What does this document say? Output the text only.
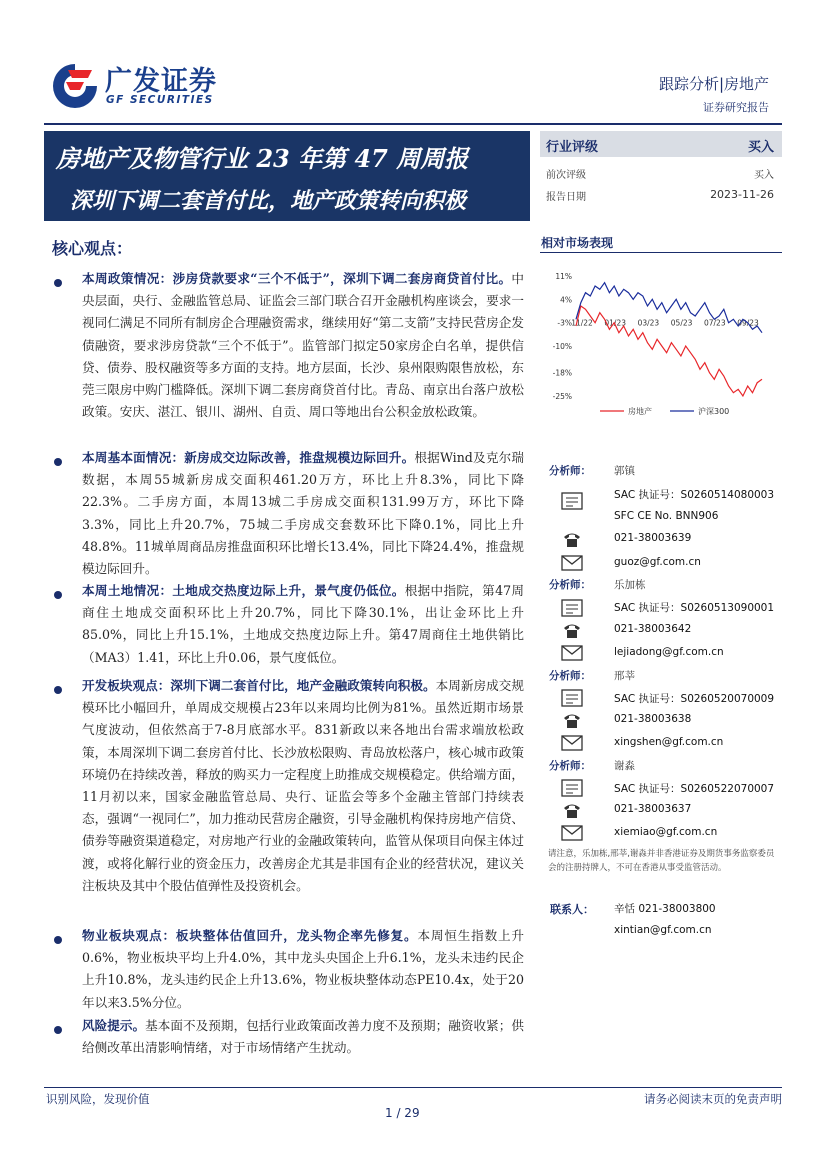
广发证券
GF SECURITIES
跟踪分析|房地产
证券研究报告
房地产及物管行业 23 年第 47 周周报
深圳下调二套首付比，地产政策转向积极
行业评级	买入
前次评级	买入
报告日期	2023-11-26
核心观点：
本周政策情况：涉房贷款要求“三个不低于”，深圳下调二套房商贷首付比。中央层面，央行、金融监管总局、证监会三部门联合召开金融机构座谈会，要求一视同仁满足不同所有制房企合理融资需求，继续用好“第二支箭”支持民营房企发债融资，要求涉房贷款“三个不低于”。监管部门拟定50家房企白名单，提供信贷、债券、股权融资等多方面的支持。地方层面，长沙、泉州限购限售放松，东莞三限房中购门槛降低。深圳下调二套房商贷首付比。青岛、南京出台落户放松政策。安庆、湛江、银川、湖州、自贡、周口等地出台公积金放松政策。
本周基本面情况：新房成交边际改善，推盘规模边际回升。根据Wind及克尔瑞数据，本周55城新房成交面积461.20万方，环比上升8.3%，同比下降22.3%。二手房方面，本周13城二手房成交面积131.99万方，环比下降3.3%，同比上升20.7%，75城二手房成交套数环比下降0.1%，同比上升48.8%。11城单周商品房推盘面积环比增长13.4%，同比下降24.4%，推盘规模边际回升。
本周土地情况：土地成交热度边际上升，景气度仍低位。根据中指院，第47周商住土地成交面积环比上升20.7%，同比下降30.1%，出让金环比上升85.0%，同比上升15.1%，土地成交热度边际上升。第47周商住土地供销比（MA3）1.41，环比上升0.06，景气度低位。
开发板块观点：深圳下调二套首付比，地产金融政策转向积极。本周新房成交规模环比小幅回升，单周成交规模占23年以来周均比例为81%。虽然近期市场景气度波动，但依然高于7-8月底部水平。831新政以来各地出台需求端放松政策，本周深圳下调二套房首付比、长沙放松限购、青岛放松落户，核心城市政策环境仍在持续改善，释放的购买力一定程度上助推成交规模稳定。供给端方面，11月初以来，国家金融监管总局、央行、证监会等多个金融主管部门持续表态，强调“一视同仁”，加力推动民营房企融资，引导金融机构保持房地产信贷、债券等融资渠道稳定，对房地产行业的金融政策转向，监管从保项目向保主体过渡，或将化解行业的资金压力，改善房企尤其是非国有企业的经营状况，建议关注板块及其中个股估值弹性及投资机会。
物业板块观点：板块整体估值回升，龙头物企率先修复。本周恒生指数上升0.6%，物业板块平均上升4.0%，其中龙头央国企上升6.1%，龙头未违约民企上升10.8%，龙头违约民企上升13.6%，物业板块整体动态PE10.4x，处于20年以来3.5%分位。
风险提示。基本面不及预期，包括行业政策面改善力度不及预期；融资收紧；供给侧改革出清影响情绪，对于市场情绪产生扰动。
相对市场表现
11%
4%
-3%
-10%
-18%
-25%
11/22 01/23 03/23 05/23 07/23 09/23
房地产	沪深300
分析师： 郭镇
SAC 执证号：S0260514080003
SFC CE No. BNN906
021-38003639
guoz@gf.com.cn
分析师： 乐加栋
SAC 执证号：S0260513090001
021-38003642
lejiadong@gf.com.cn
分析师： 邢莘
SAC 执证号：S0260520070009
021-38003638
xingshen@gf.com.cn
分析师： 谢淼
SAC 执证号：S0260522070007
021-38003637
xiemiao@gf.com.cn
请注意，乐加栋,邢莘,谢淼并非香港证券及期货事务监察委员会的注册持牌人，不可在香港从事受监管活动。
联系人： 辛恬 021-38003800
xintian@gf.com.cn
识别风险，发现价值	请务必阅读末页的免责声明
1 / 29
